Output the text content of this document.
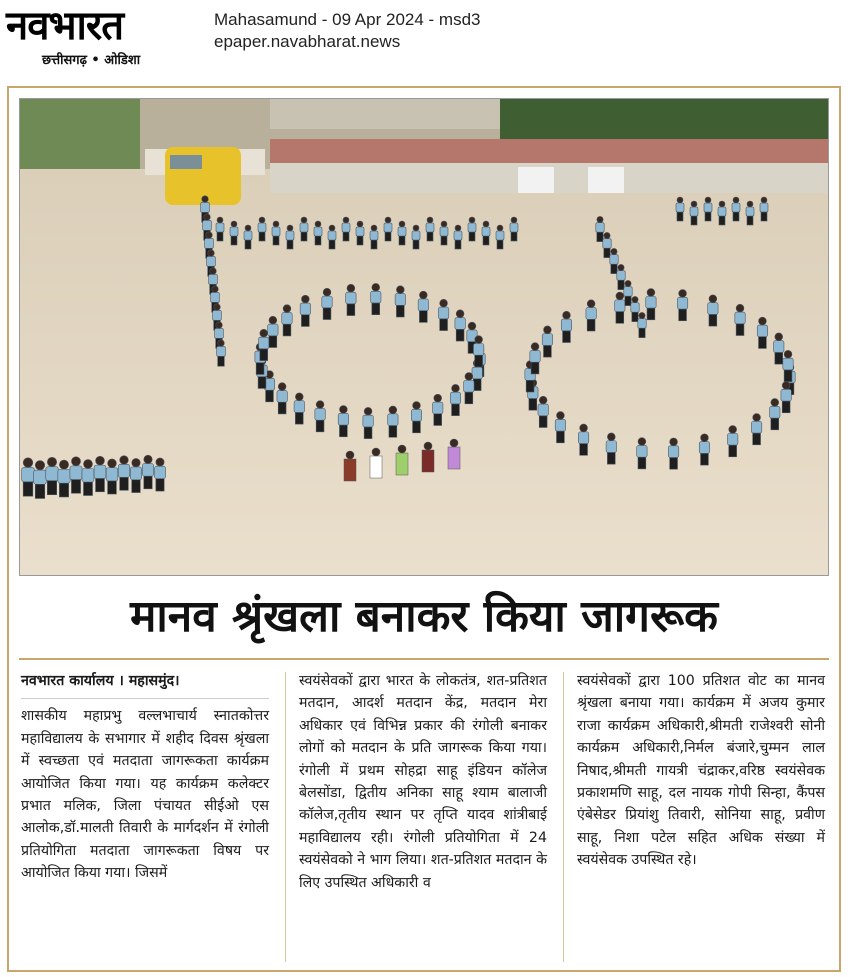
नवभारत
छत्तीसगढ़ • ओडिशा
Mahasamund - 09 Apr 2024 - msd3
epaper.navabharat.news
मानव श्रृंखला बनाकर किया जागरूक
नवभारत कार्यालय । महासमुंद।
शासकीय महाप्रभु वल्लभाचार्य स्नातकोत्तर महाविद्यालय के सभागार में शहीद दिवस श्रृंखला में स्वच्छता एवं मतदाता जागरूकता कार्यक्रम आयोजित किया गया। यह कार्यक्रम कलेक्टर प्रभात मलिक, जिला पंचायत सीईओ एस आलोक,डॉ.मालती तिवारी के मार्गदर्शन में रंगोली प्रतियोगिता मतदाता जागरूकता विषय पर आयोजित किया गया। जिसमें
स्वयंसेवकों द्वारा भारत के लोकतंत्र, शत-प्रतिशत मतदान, आदर्श मतदान केंद्र, मतदान मेरा अधिकार एवं विभिन्न प्रकार की रंगोली बनाकर लोगों को मतदान के प्रति जागरूक किया गया। रंगोली में प्रथम सोहद्रा साहू इंडियन कॉलेज बेलसोंडा, द्वितीय अनिका साहू श्याम बालाजी कॉलेज,तृतीय स्थान पर तृप्ति यादव शांत्रीबाई महाविद्यालय रही। रंगोली प्रतियोगिता में 24 स्वयंसेवको ने भाग लिया। शत-प्रतिशत मतदान के लिए उपस्थित अधिकारी व
स्वयंसेवकों द्वारा 100 प्रतिशत वोट का मानव श्रृंखला बनाया गया। कार्यक्रम में अजय कुमार राजा कार्यक्रम अधिकारी,श्रीमती राजेश्वरी सोनी कार्यक्रम अधिकारी,निर्मल बंजारे,चुम्मन लाल निषाद,श्रीमती गायत्री चंद्राकर,वरिष्ठ स्वयंसेवक प्रकाशमणि साहू, दल नायक गोपी सिन्हा, कैंपस एंबेसेडर प्रियांशु तिवारी, सोनिया साहू, प्रवीण साहू, निशा पटेल सहित अधिक संख्या में स्वयंसेवक उपस्थित रहे।
